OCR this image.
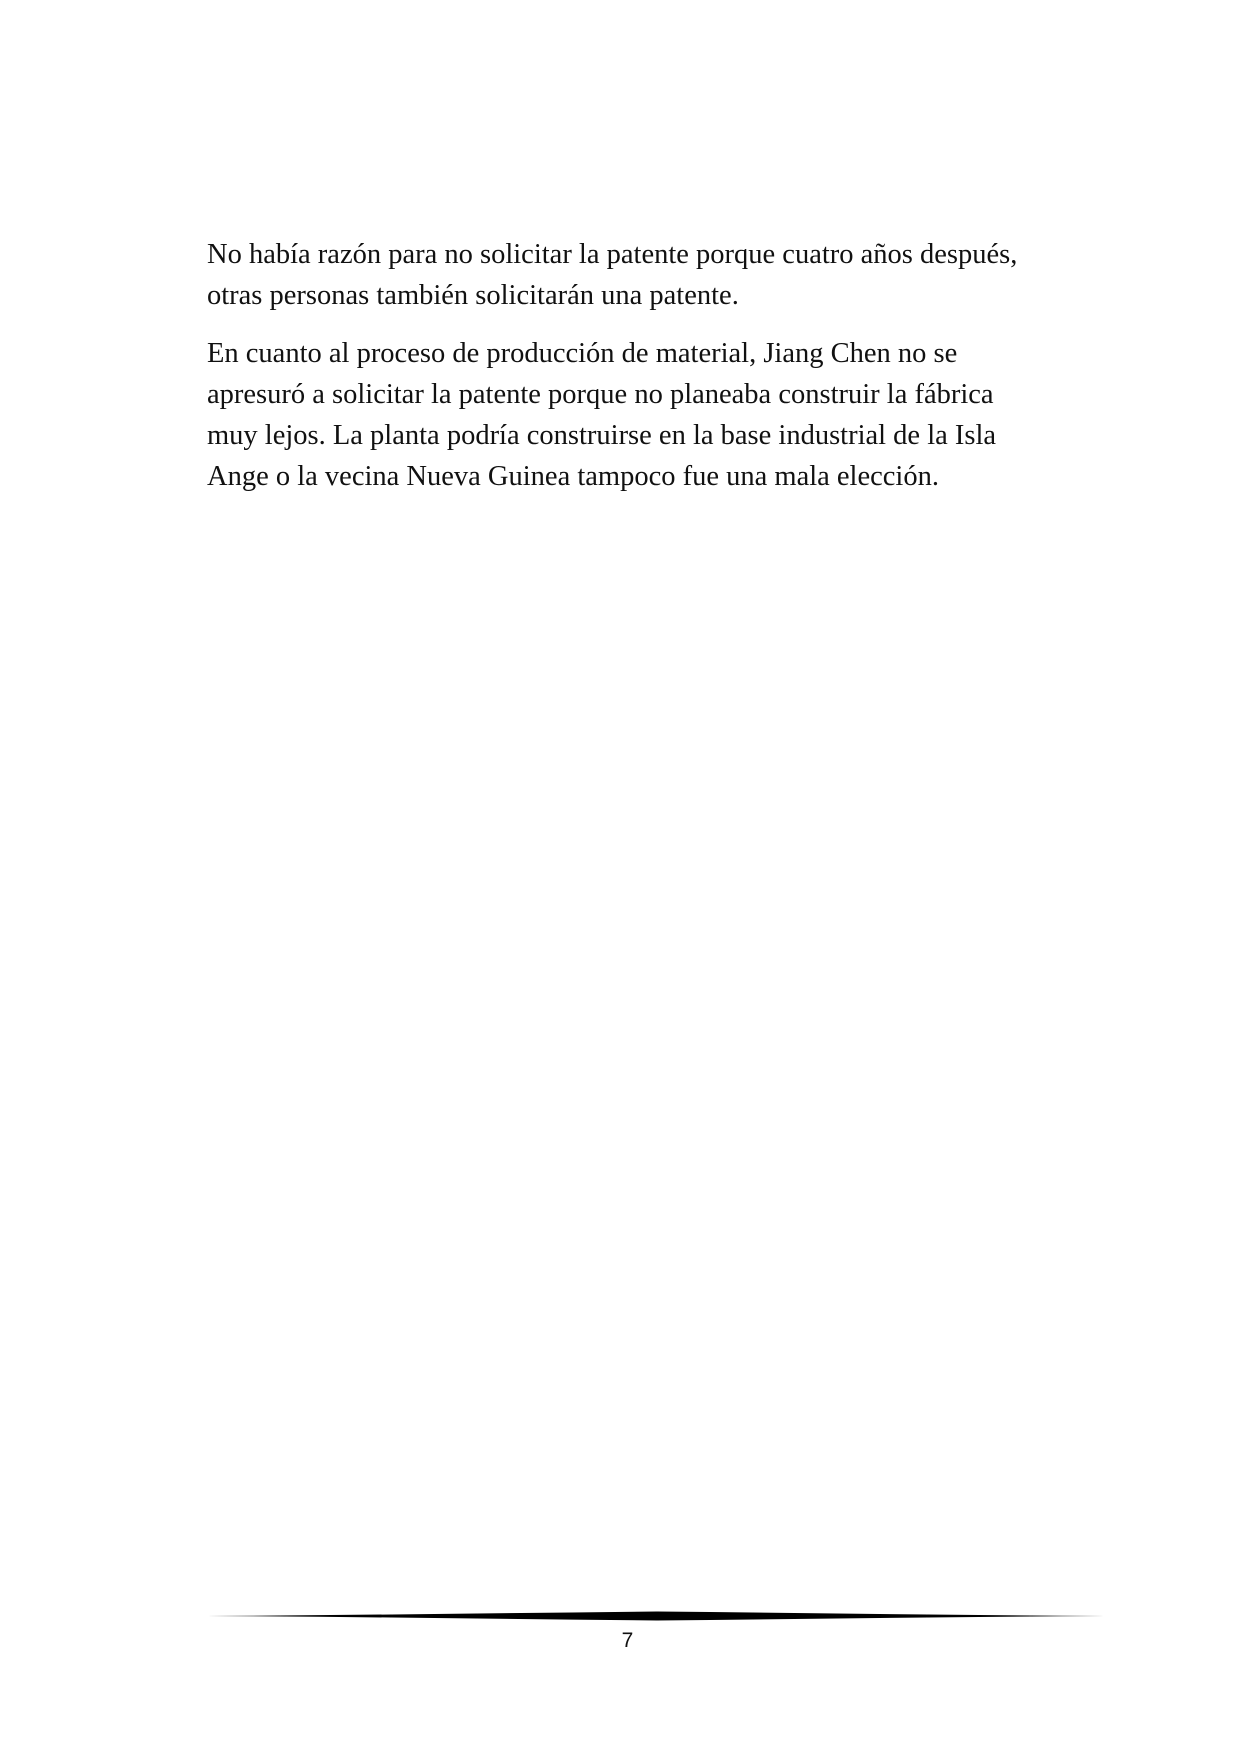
No había razón para no solicitar la patente porque cuatro años después,
otras personas también solicitarán una patente.

En cuanto al proceso de producción de material, Jiang Chen no se
apresuró a solicitar la patente porque no planeaba construir la fábrica
muy lejos. La planta podría construirse en la base industrial de la Isla
Ange o la vecina Nueva Guinea tampoco fue una mala elección.

7
